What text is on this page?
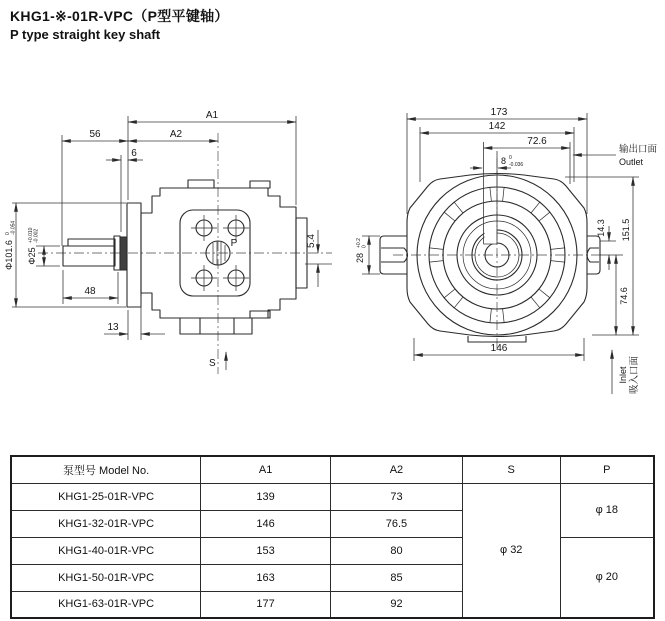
KHG1-※-01R-VPC（P型平键轴）
P type straight key shaft
P
A1
56	A2
6
Φ101.6
0 -0.054
Φ25
+0.010 -0.002
48
13
5.4
S
173
142
72.6
8 0
-0.036
输出口面
Outlet
28
+0.2 0
14.3
74.6
151.5
146
吸入口面
Inlet
泵型号 Model No.	A1	A2	S	P
KHG1-25-01R-VPC	139	73	φ 32	φ 18
KHG1-32-01R-VPC	146	76.5		
KHG1-40-01R-VPC	153	80		φ 20
KHG1-50-01R-VPC	163	85		
KHG1-63-01R-VPC	177	92		
